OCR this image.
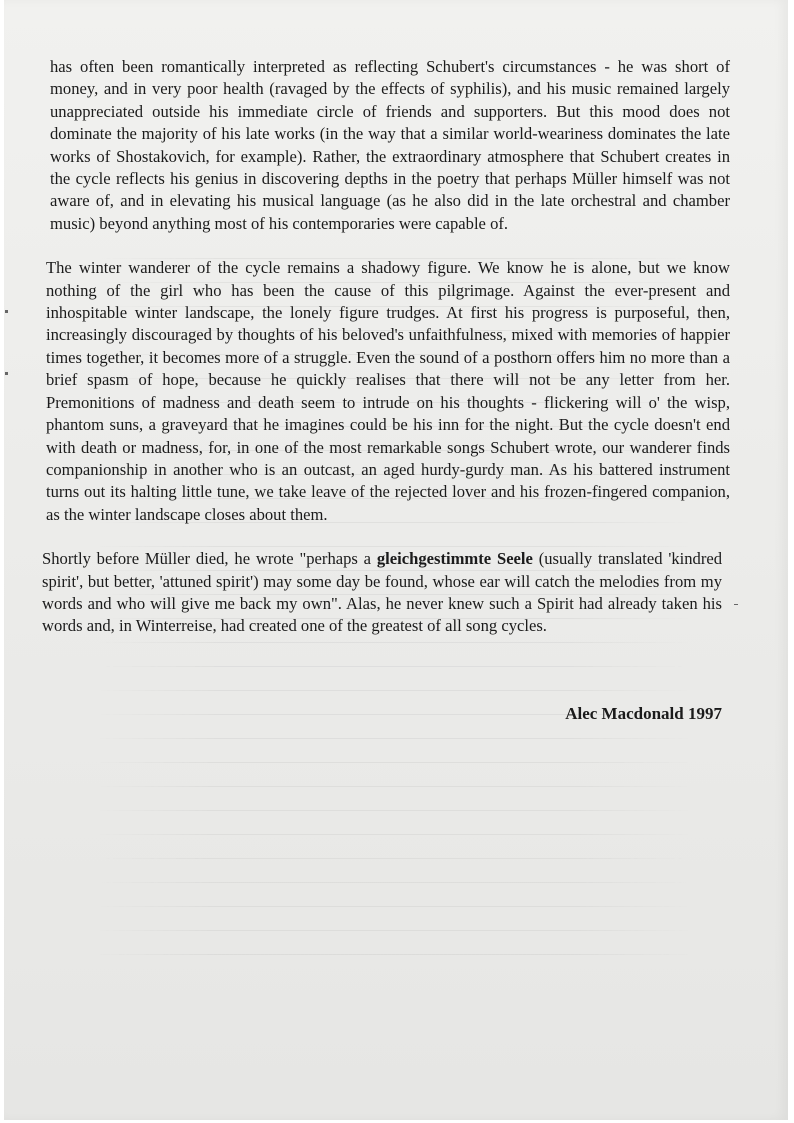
has often been romantically interpreted as reflecting Schubert's circumstances - he was short of money, and in very poor health (ravaged by the effects of syphilis), and his music remained largely unappreciated outside his immediate circle of friends and supporters. But this mood does not dominate the majority of his late works (in the way that a similar world-weariness dominates the late works of Shostakovich, for example). Rather, the extraordinary atmosphere that Schubert creates in the cycle reflects his genius in discovering depths in the poetry that perhaps Müller himself was not aware of, and in elevating his musical language (as he also did in the late orchestral and chamber music) beyond anything most of his contemporaries were capable of.

The winter wanderer of the cycle remains a shadowy figure. We know he is alone, but we know nothing of the girl who has been the cause of this pilgrimage. Against the ever-present and inhospitable winter landscape, the lonely figure trudges. At first his progress is purposeful, then, increasingly discouraged by thoughts of his beloved's unfaithfulness, mixed with memories of happier times together, it becomes more of a struggle. Even the sound of a posthorn offers him no more than a brief spasm of hope, because he quickly realises that there will not be any letter from her. Premonitions of madness and death seem to intrude on his thoughts - flickering will o' the wisp, phantom suns, a graveyard that he imagines could be his inn for the night. But the cycle doesn't end with death or madness, for, in one of the most remarkable songs Schubert wrote, our wanderer finds companionship in another who is an outcast, an aged hurdy-gurdy man. As his battered instrument turns out its halting little tune, we take leave of the rejected lover and his frozen-fingered companion, as the winter landscape closes about them.

Shortly before Müller died, he wrote "perhaps a gleichgestimmte Seele (usually translated 'kindred spirit', but better, 'attuned spirit') may some day be found, whose ear will catch the melodies from my words and who will give me back my own". Alas, he never knew such a Spirit had already taken his words and, in Winterreise, had created one of the greatest of all song cycles.

Alec Macdonald 1997
